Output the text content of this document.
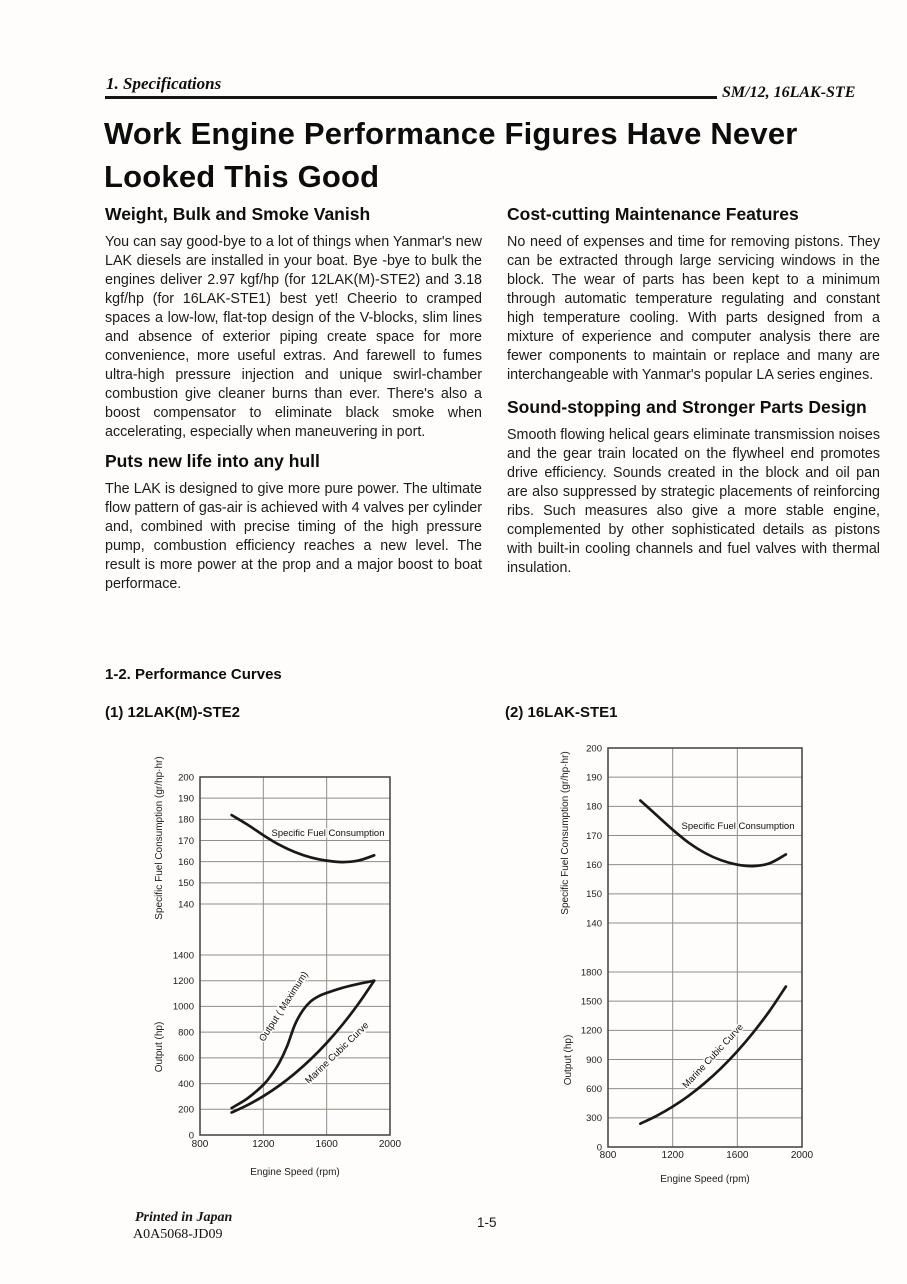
1. Specifications	SM/12, 16LAK-STE
Work Engine Performance Figures Have Never Looked This Good
Weight, Bulk and Smoke Vanish

You can say good-bye to a lot of things when Yanmar's new LAK diesels are installed in your boat. Bye -bye to bulk the engines deliver 2.97 kgf/hp (for 12LAK(M)-STE2) and 3.18 kgf/hp (for 16LAK-STE1) best yet! Cheerio to cramped spaces a low-low, flat-top design of the V-blocks, slim lines and absence of exterior piping create space for more convenience, more useful extras. And farewell to fumes ultra-high pressure injection and unique swirl-chamber combustion give cleaner burns than ever. There's also a boost compensator to eliminate black smoke when accelerating, especially when maneuvering in port.

Puts new life into any hull

The LAK is designed to give more pure power. The ultimate flow pattern of gas-air is achieved with 4 valves per cylinder and, combined with precise timing of the high pressure pump, combustion efficiency reaches a new level. The result is more power at the prop and a major boost to boat performace.

Cost-cutting Maintenance Features

No need of expenses and time for removing pistons. They can be extracted through large servicing windows in the block. The wear of parts has been kept to a minimum through automatic temperature regulating and constant high temperature cooling. With parts designed from a mixture of experience and computer analysis there are fewer components to maintain or replace and many are interchangeable with Yanmar's popular LA series engines.

Sound-stopping and Stronger Parts Design

Smooth flowing helical gears eliminate transmission noises and the gear train located on the flywheel end promotes drive efficiency. Sounds created in the block and oil pan are also suppressed by strategic placements of reinforcing ribs. Such measures also give a more stable engine, complemented by other sophisticated details as pistons with built-in cooling channels and fuel valves with thermal insulation.

1-2. Performance Curves
(1) 12LAK(M)-STE2	(2) 16LAK-STE1
200
190
180
170
160
150
140
1400
1200
1000
800
600
400
200
0
800	1200	1600	2000
Specific Fuel Consumption
Output ( Maximum)
Marine Cubic Curve
Specific Fuel Consumption (gr/hp·hr)
Output (hp)
Engine Speed (rpm)
200
190
180
170
160
150
140
1800
1500
1200
900
600
300
0
800	1200	1600	2000
Specific Fuel Consumption
Marine Cubic Curve
Specific Fuel Consumption (gr/hp·hr)
Output (hp)
Engine Speed (rpm)
Printed in Japan
A0A5068-JD09
1-5
